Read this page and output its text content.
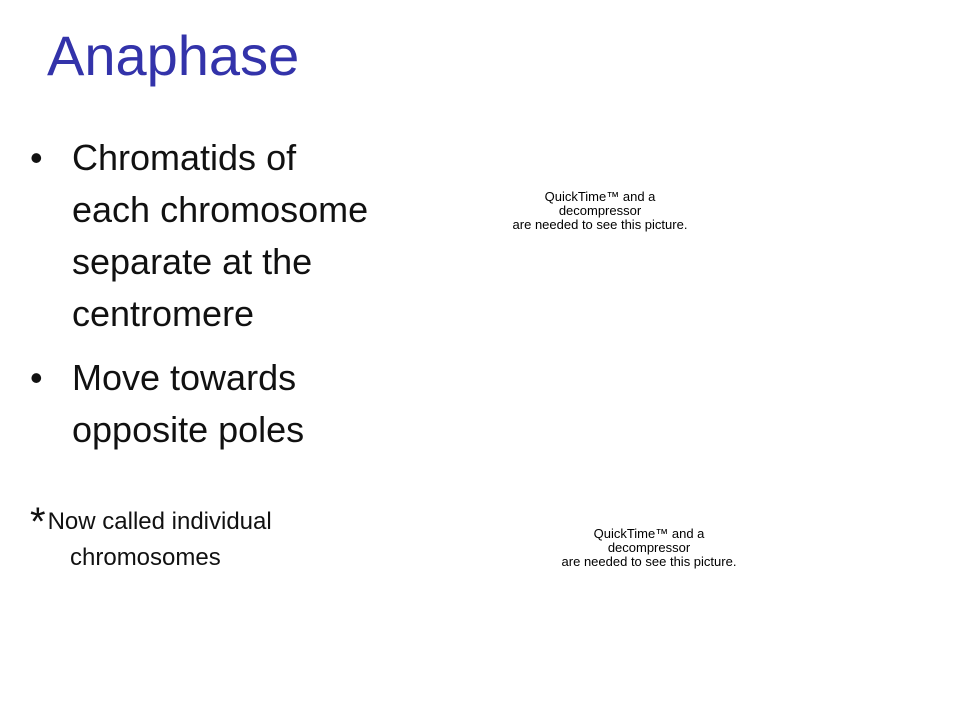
Anaphase
• Chromatids of each chromosome separate at the centromere
• Move towards opposite poles
*Now called individual chromosomes
QuickTime™ and a
decompressor
are needed to see this picture.
QuickTime™ and a
decompressor
are needed to see this picture.
